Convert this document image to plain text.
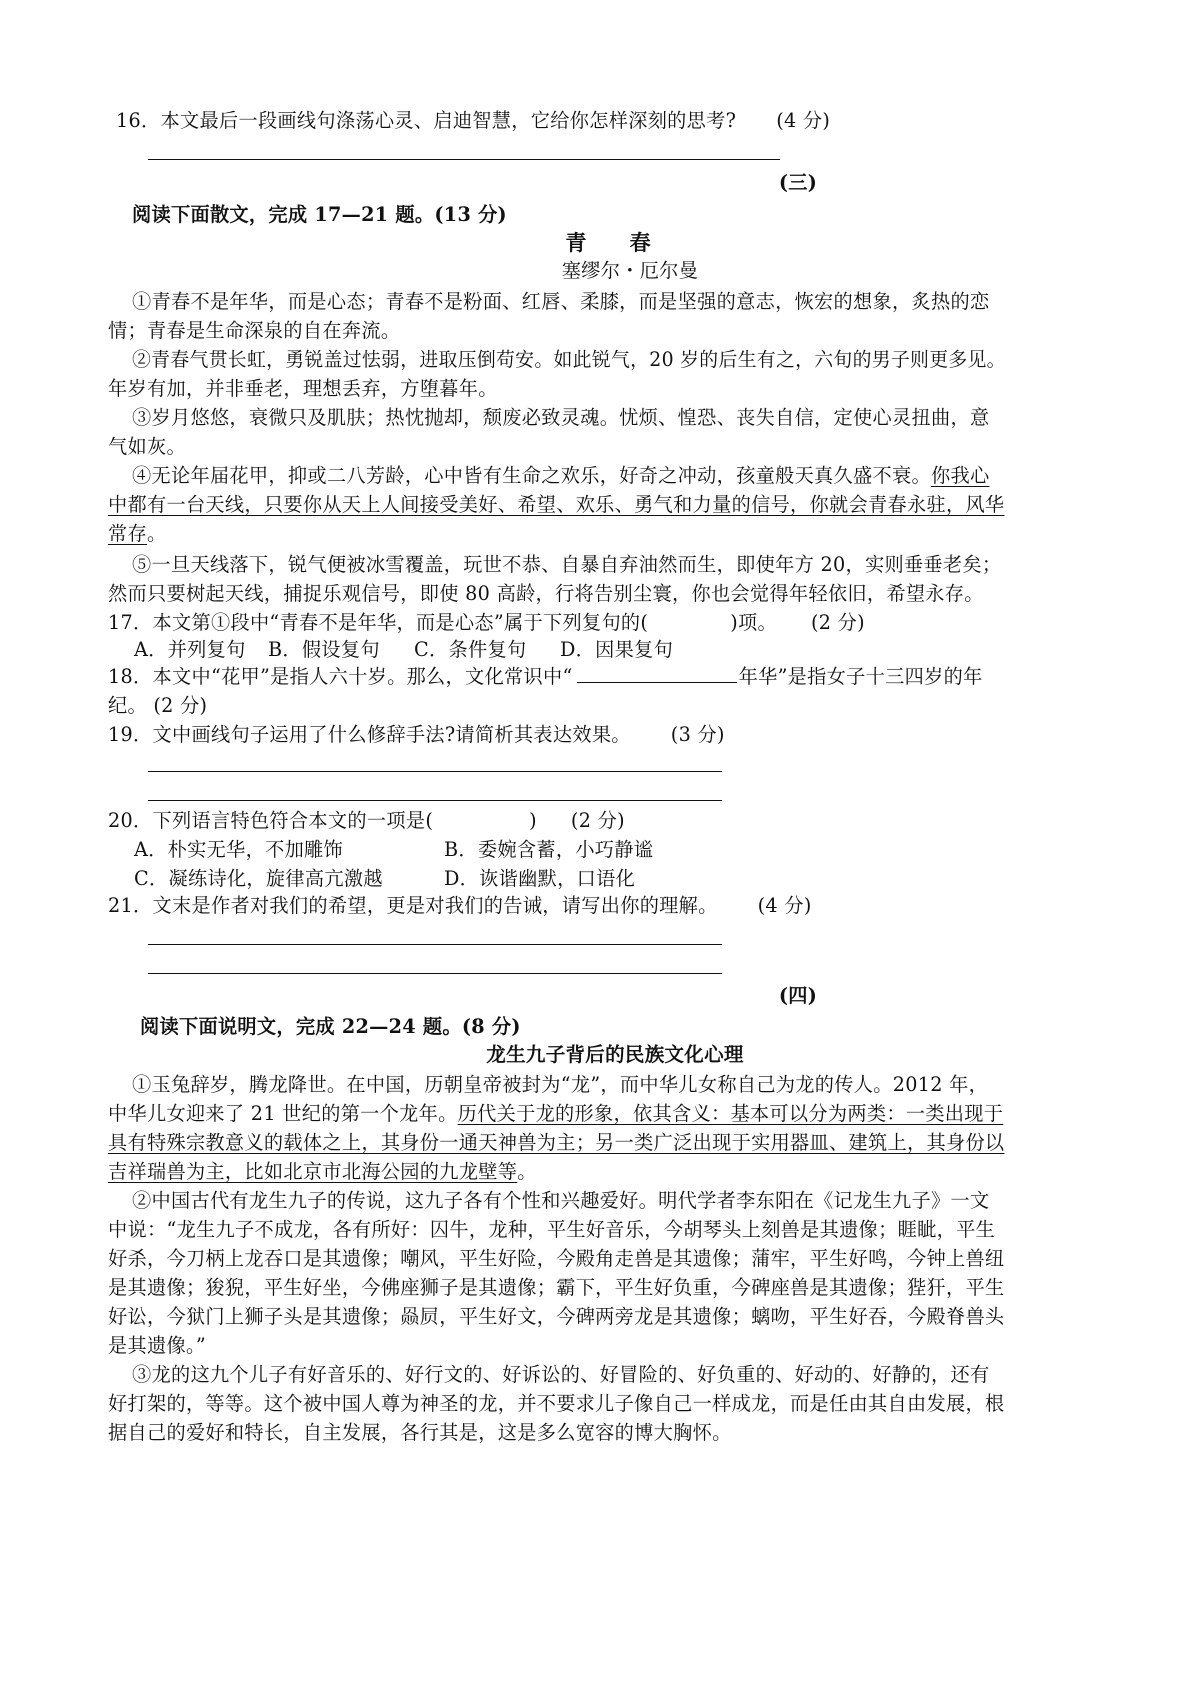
16．本文最后一段画线句涤荡心灵、启迪智慧，它给你怎样深刻的思考? (4 分)
(三)
阅读下面散文，完成 17—21 题。(13 分)
青 春
塞缪尔・厄尔曼
①青春不是年华，而是心态；青春不是粉面、红唇、柔膝，而是坚强的意志，恢宏的想象，炙热的恋
情；青春是生命深泉的自在奔流。
②青春气贯长虹，勇锐盖过怯弱，进取压倒苟安。如此锐气，20 岁的后生有之，六旬的男子则更多见。
年岁有加，并非垂老，理想丢弃，方堕暮年。
③岁月悠悠，衰微只及肌肤；热忱抛却，颓废必致灵魂。忧烦、惶恐、丧失自信，定使心灵扭曲，意
气如灰。
④无论年届花甲，抑或二八芳龄，心中皆有生命之欢乐，好奇之冲动，孩童般天真久盛不衰。你我心
中都有一台天线，只要你从天上人间接受美好、希望、欢乐、勇气和力量的信号，你就会青春永驻，风华
常存。
⑤一旦天线落下，锐气便被冰雪覆盖，玩世不恭、自暴自弃油然而生，即使年方 20，实则垂垂老矣；
然而只要树起天线，捕捉乐观信号，即使 80 高龄，行将告别尘寰，你也会觉得年轻依旧，希望永存。
17．本文第①段中“青春不是年华，而是心态”属于下列复句的(	)项。 (2 分)
A．并列复句 B．假设复句 C．条件复句 D．因果复句
18．本文中“花甲”是指人六十岁。那么，文化常识中“	年华”是指女子十三四岁的年
纪。 (2 分)
19．文中画线句子运用了什么修辞手法?请简析其表达效果。 (3 分)
20．下列语言特色符合本文的一项是(	) (2 分)
A．朴实无华，不加雕饰	B．委婉含蓄，小巧静谧
C．凝练诗化，旋律高亢激越	D．诙谐幽默，口语化
21．文末是作者对我们的希望，更是对我们的告诫，请写出你的理解。 (4 分)
(四)
阅读下面说明文，完成 22—24 题。(8 分)
龙生九子背后的民族文化心理
①玉兔辞岁，腾龙降世。在中国，历朝皇帝被封为“龙”，而中华儿女称自己为龙的传人。2012 年，
中华儿女迎来了 21 世纪的第一个龙年。历代关于龙的形象，依其含义：基本可以分为两类：一类出现于
具有特殊宗教意义的载体之上，其身份一通天神兽为主；另一类广泛出现于实用器皿、建筑上，其身份以
吉祥瑞兽为主，比如北京市北海公园的九龙壁等。
②中国古代有龙生九子的传说，这九子各有个性和兴趣爱好。明代学者李东阳在《记龙生九子》一文
中说：“龙生九子不成龙，各有所好：囚牛，龙种，平生好音乐，今胡琴头上刻兽是其遗像；睚眦，平生
好杀，今刀柄上龙吞口是其遗像；嘲风，平生好险，今殿角走兽是其遗像；蒲牢，平生好鸣，今钟上兽纽
是其遗像；狻猊，平生好坐，今佛座狮子是其遗像；霸下，平生好负重，今碑座兽是其遗像；狴犴，平生
好讼，今狱门上狮子头是其遗像；赑屃，平生好文，今碑两旁龙是其遗像；螭吻，平生好吞，今殿脊兽头
是其遗像。”
③龙的这九个儿子有好音乐的、好行文的、好诉讼的、好冒险的、好负重的、好动的、好静的，还有
好打架的，等等。这个被中国人尊为神圣的龙，并不要求儿子像自己一样成龙，而是任由其自由发展，根
据自己的爱好和特长，自主发展，各行其是，这是多么宽容的博大胸怀。
